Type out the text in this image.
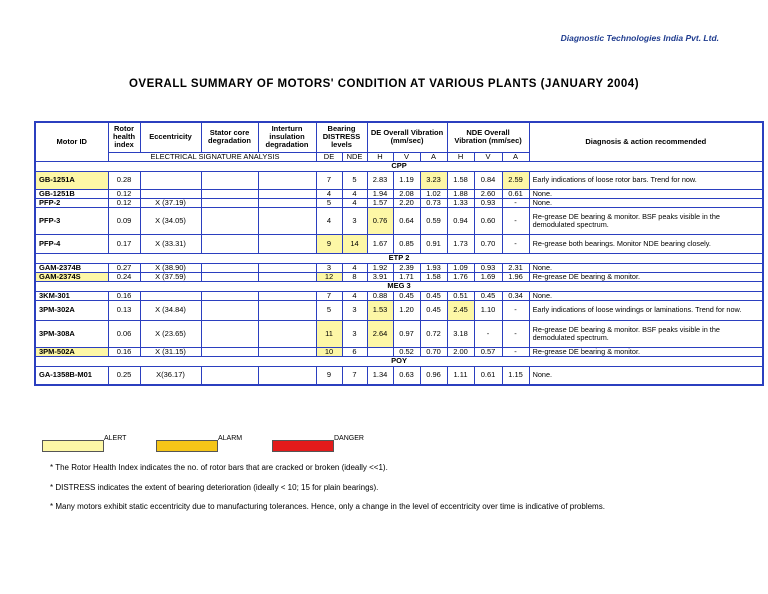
Diagnostic Technologies India Pvt. Ltd.
OVERALL SUMMARY OF MOTORS' CONDITION AT VARIOUS PLANTS (JANUARY 2004)
Motor ID	Rotor health index	Eccentricity	Stator core degradation	Interturn insulation degradation	Bearing DISTRESS levels		DE Overall Vibration (mm/sec)			NDE Overall Vibration (mm/sec)			Diagnosis & action recommended
	ELECTRICAL SIGNATURE ANALYSIS				DE	NDE	H	V	A	H	V	A	
CPP													
GB-1251A	0.28				7	5	2.83	1.19	3.23	1.58	0.84	2.59	Early indications of loose rotor bars. Trend for now.
GB-1251B	0.12				4	4	1.94	2.08	1.02	1.88	2.60	0.61	None.
PFP-2	0.12	X (37.19)			5	4	1.57	2.20	0.73	1.33	0.93	-	None.
PFP-3	0.09	X (34.05)			4	3	0.76	0.64	0.59	0.94	0.60	-	Re-grease DE bearing & monitor. BSF peaks visible in the demodulated spectrum.
PFP-4	0.17	X (33.31)			9	14	1.67	0.85	0.91	1.73	0.70	-	Re-grease both bearings. Monitor NDE bearing closely.
ETP 2													
GAM-2374B	0.27	X (38.90)			3	4	1.92	2.39	1.93	1.09	0.93	2.31	None.
GAM-2374S	0.24	X (37.59)			12	8	3.91	1.71	1.58	1.76	1.69	1.96	Re-grease DE bearing & monitor.
MEG 3													
3KM-301	0.16				7	4	0.88	0.45	0.45	0.51	0.45	0.34	None.
3PM-302A	0.13	X (34.84)			5	3	1.53	1.20	0.45	2.45	1.10	-	Early indications of loose windings or laminations. Trend for now.
3PM-308A	0.06	X (23.65)			11	3	2.64	0.97	0.72	3.18	-	-	Re-grease DE bearing & monitor. BSF peaks visible in the demodulated spectrum.
3PM-502A	0.16	X (31.15)			10	6		0.52	0.70	2.00	0.57	-	Re-grease DE bearing & monitor.
POY													
GA-1358B-M01	0.25	X(36.17)			9	7	1.34	0.63	0.96	1.11	0.61	1.15	None.
ALERT	ALARM	DANGER
* The Rotor Health Index indicates the no. of rotor bars that are cracked or broken (ideally <<1).
* DISTRESS indicates the extent of bearing deterioration (ideally < 10; 15 for plain bearings).
* Many motors exhibit static eccentricity due to manufacturing tolerances. Hence, only a change in the level of eccentricity over time is indicative of problems.
